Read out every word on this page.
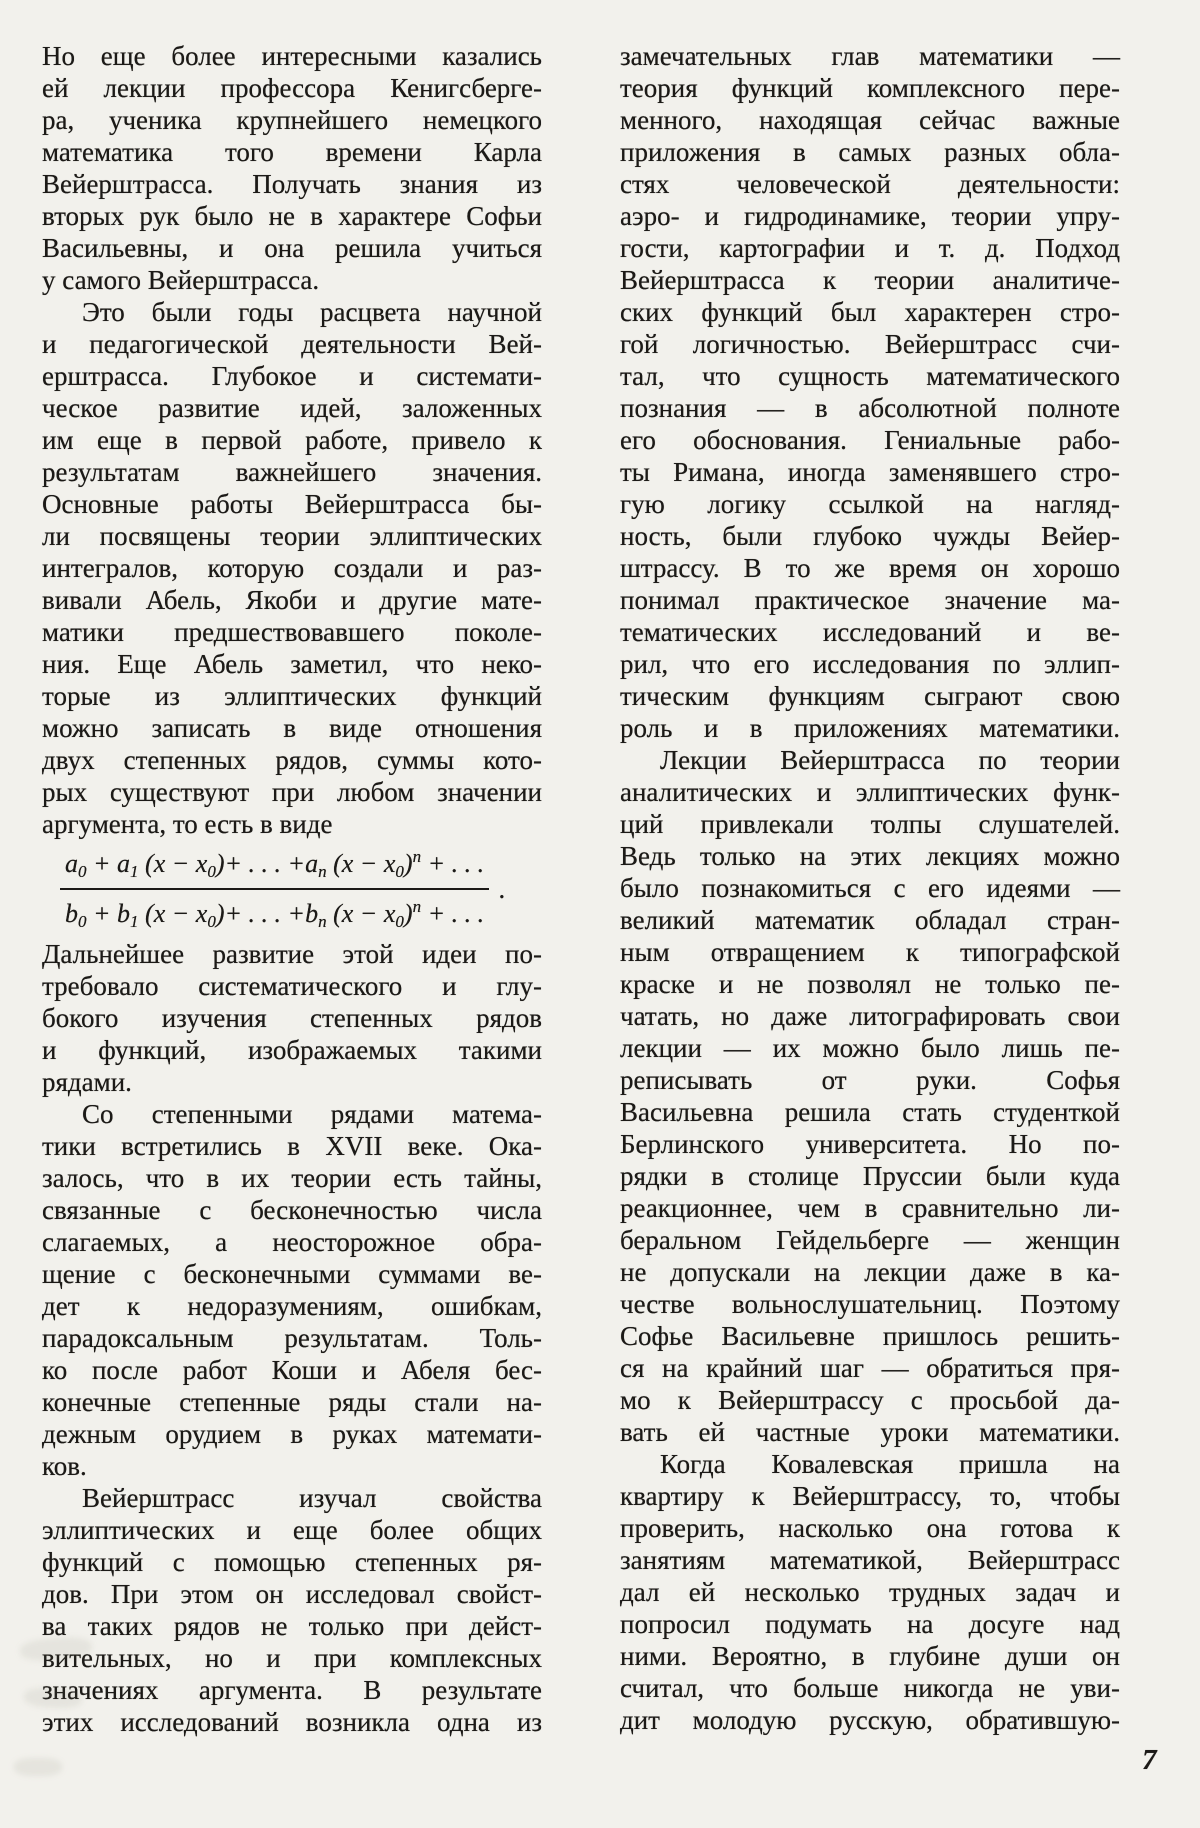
Но еще более интересными казались
ей лекции профессора Кенигсберге-
ра, ученика крупнейшего немецкого
математика того времени Карла
Вейерштрасса. Получать знания из
вторых рук было не в характере Софьи
Васильевны, и она решила учиться
у самого Вейерштрасса.
Это были годы расцвета научной
и педагогической деятельности Вей-
ерштрасса. Глубокое и системати-
ческое развитие идей, заложенных
им еще в первой работе, привело к
результатам важнейшего значения.
Основные работы Вейерштрасса бы-
ли посвящены теории эллиптических
интегралов, которую создали и раз-
вивали Абель, Якоби и другие мате-
матики предшествовавшего поколе-
ния. Еще Абель заметил, что неко-
торые из эллиптических функций
можно записать в виде отношения
двух степенных рядов, суммы кото-
рых существуют при любом значении
аргумента, то есть в виде
$\frac{a0 + a1 (x - x0)+ . . . +an (x - x0)^n + . . .}{b0 + b1 (x - x0)+ . . . +bn (x - x0)^n + . . .}$ .
Дальнейшее развитие этой идеи по-
требовало систематического и глу-
бокого изучения степенных рядов
и функций, изображаемых такими
рядами.
Со степенными рядами матема-
тики встретились в XVII веке. Ока-
залось, что в их теории есть тайны,
связанные с бесконечностью числа
слагаемых, а неосторожное обра-
щение с бесконечными суммами ве-
дет к недоразумениям, ошибкам,
парадоксальным результатам. Толь-
ко после работ Коши и Абеля бес-
конечные степенные ряды стали на-
дежным орудием в руках математи-
ков.
Вейерштрасс изучал свойства
эллиптических и еще более общих
функций с помощью степенных ря-
дов. При этом он исследовал свойст-
ва таких рядов не только при дейст-
вительных, но и при комплексных
значениях аргумента. В результате
этих исследований возникла одна из
замечательных глав математики —
теория функций комплексного пере-
менного, находящая сейчас важные
приложения в самых разных обла-
стях человеческой деятельности:
аэро- и гидродинамике, теории упру-
гости, картографии и т. д. Подход
Вейерштрасса к теории аналитиче-
ских функций был характерен стро-
гой логичностью. Вейерштрасс счи-
тал, что сущность математического
познания — в абсолютной полноте
его обоснования. Гениальные рабо-
ты Римана, иногда заменявшего стро-
гую логику ссылкой на нагляд-
ность, были глубоко чужды Вейер-
штрассу. В то же время он хорошо
понимал практическое значение ма-
тематических исследований и ве-
рил, что его исследования по эллип-
тическим функциям сыграют свою
роль и в приложениях математики.
Лекции Вейерштрасса по теории
аналитических и эллиптических функ-
ций привлекали толпы слушателей.
Ведь только на этих лекциях можно
было познакомиться с его идеями —
великий математик обладал стран-
ным отвращением к типографской
краске и не позволял не только пе-
чатать, но даже литографировать свои
лекции — их можно было лишь пе-
реписывать от руки. Софья
Васильевна решила стать студенткой
Берлинского университета. Но по-
рядки в столице Пруссии были куда
реакционнее, чем в сравнительно ли-
беральном Гейдельберге — женщин
не допускали на лекции даже в ка-
честве вольнослушательниц. Поэтому
Софье Васильевне пришлось решить-
ся на крайний шаг — обратиться пря-
мо к Вейерштрассу с просьбой да-
вать ей частные уроки математики.
Когда Ковалевская пришла на
квартиру к Вейерштрассу, то, чтобы
проверить, насколько она готова к
занятиям математикой, Вейерштрасс
дал ей несколько трудных задач и
попросил подумать на досуге над
ними. Вероятно, в глубине души он
считал, что больше никогда не уви-
дит молодую русскую, обратившую-
7
